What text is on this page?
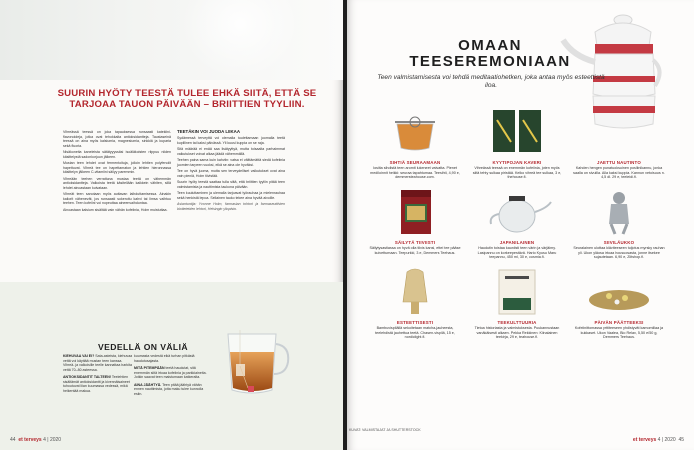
SUURIN HYÖTY TEESTÄ TULEE EHKÄ SIITÄ, ETTÄ SE TARJOAA TAUON PÄIVÄÄN – BRIITTIEN TYYLIIN.

Vihreässä teessä on joka tapauksessa runsaasti katekiini-flavonoideja, jotka ovat tehokkaita antioksidantteja. Taustaseinä teessä on aina myös kalsiumia, magnesiumia, sinkkiä ja kuparia sekä fluoria.

Nisäkoneita kaneleista sätätyyyssäsi isoäläkoisten riippuu niiden käsittelystä sadonkorjuun jälkeen.

Mustan teen lehdet ovat fermentoituja, jolloin lehtien polyfenolit hapettuvat. Vihreä tee on hapettamaton ja lehtien hieronnassa käsittelyn jälkeen C-vitamiini säilyy paremmin.

Vihreään teehen verrattuna mustaa teetä on vähemmän antioksidantteja. Valkoista teetä käsitellään kaikkein vähiten, sillä lehdet ainoastaan kuivataan.

Vihreät teen sanotaan myös auttavan laihduttamisessa. Ainakin kaliorit vähenevät, jos runsaasti sokeroitu kahvi tai limsa vaihtuu teehen. Teen kofeiini voi nopeuttaa aineenvaihduntaa.

Ainoastaan kalsium sisältää vain vähän kofeiinia, Holm muistuttaa.

TEETÄKIN VOI JUODA LIIKAA

Sydämessä terveyttä voi olemalla tuulettamaan juomalla teetä kupillinen tai kaksi päivässä. Yli kuusi kuppia on se raja.

Sitä määrää ei enää saa lisätyyttyä, mutta toisaalta parhaimmat vaikutukset voivat alkaa jäädä vähemmällä.

Teehen paina sama kuin kahviin: vatsa ei välttämättä siedä kofeiinia juomien tarpeen vuoksi, eikä se aina ole hyväksi.

Tee on hyvä juoma, mutta sen terveydelliset vaikutukset ovat aina vain pieniä, Holm tiivistää.

Suurin hyöty teestä saattaa tulla siitä, että briittien tyyliin pitää teen valmistamista ja nauttimista taukona päivään.

Teen kuuluttaminen ja ulemalla tarjoavat työrauhaa ja mielenrauhaa sekä henkistä lepoa. Sellainen tauko tekee aina hyvää aivoille.

Asiantuntija: Yvonne Holm, farmasian tohtori ja farmaseuttisten biotieteiden lehtori, Helsingin yliopisto.

VEDELLÄ ON VÄLIÄ

KIEHUVAA VAI EI? Sata-asteista, kiehuvaa vettä voi käyttää mustan teen kanssa. Vihreä- ja valkoisille teelle kannattaa harkita vettä 70–80 asteessa.

ANTIOKSIDANTIT TALTEEN! Teelehtien sisältämät antioksidantit ja kivennäisaineet tuhoutuvat liian kuumassa vedessä, mikä heikentää makua.

kuumasta vedestä eikä turhan pitkästä haudutusajasta.

MITÄ PITEMPÄÄN teetä haudutat, sitä enemmän siitä irtoaa kofeiinia ja parkkiaineita. Jotkin saavat teen maistumaan katkeralta.

AINA JÄÄHTYÄ. Teen pitää jäähtyä vähän ennen nauttimista, jotta maku tulee kunnolla esiin.

44 et terveys 4 | 2020
OMAAN
TEESEREMONIAAN

Teen valmistamisesta voi tehdä meditaatiohetken, joka antaa myös esteettistä iloa.

SIHTIÄ SEURAAMAAN

Iosiita sihdistä teen aromit lukeneet vaivatta. Pienet mediloinnit heikki: seuraa tapahtumaa. Teesihti, 4,90 e, demmersteahouse.com.

KYYTIPOJAN KAVERI

Vihreässä teessä on enemmän kofeiinia, joten myös siitä tehty sulkaa piristää. Keiko vihreä tee sulkaa, 3 e, thehouse.fi.

JAETTU NAUTINTO

Kahden hengen punatuoksuinen posliinikannu, jonka saalla on sivuilla. Alla kaksi kuppia. Kannun vetoisuus n. 4,5 dl. 29 e, teeleidi.fi.

SÄILYTÄ TIIVIISTI

Säilytysastiassa on hyvä olla tiivis kansi, ettei tee pääse kuivettumaan. Teepurkki, 3 e, Demmers Teehaus.

JAPANILAINEN

Haudutin toistaa kauniisti teen värin ja värjäimy. Lasipannu on korkeepestävä. Hario Kyusu Maru teepannu, 450 ml, 30 e, cosmia.fi.

SIIVILÄUKKO

Seuralainen ulottaa kiäviteeseen tuijotus myrsky rauhan yli. Ukon yläosa irtoaa housuosasta, jonne itsekee sujautetaan. 6,90 e, Ziitshop.fi.

ESTEETTISESTI

Bambuvispilällä sekoitetaan matcha-jauheesta, teelehdistä jauhettua teetä. Chasen-vispilä, 15 e, nordiclight.fi.

TEEKULTTUURIA

Tietoa historiasta ja valmistuksesta. Puukannustaan vanäkäisesti alkaen. Pekka Rekkinen: Kiinalainen teekirja, 29 e, teahouse.fi.

PÄIVÄN PÄÄTTEEKSI

Kofeiinittomassa yrttiteeseen yhdistyvät kamomillaa ja kukkaset. Ukon Vaalea, Bio Relax, 5,50 e/50 g, Demmers Teehaus.

KUVAT: VALMISTAJAT JA SHUTTERSTOCK
et terveys 4 | 2020 45
